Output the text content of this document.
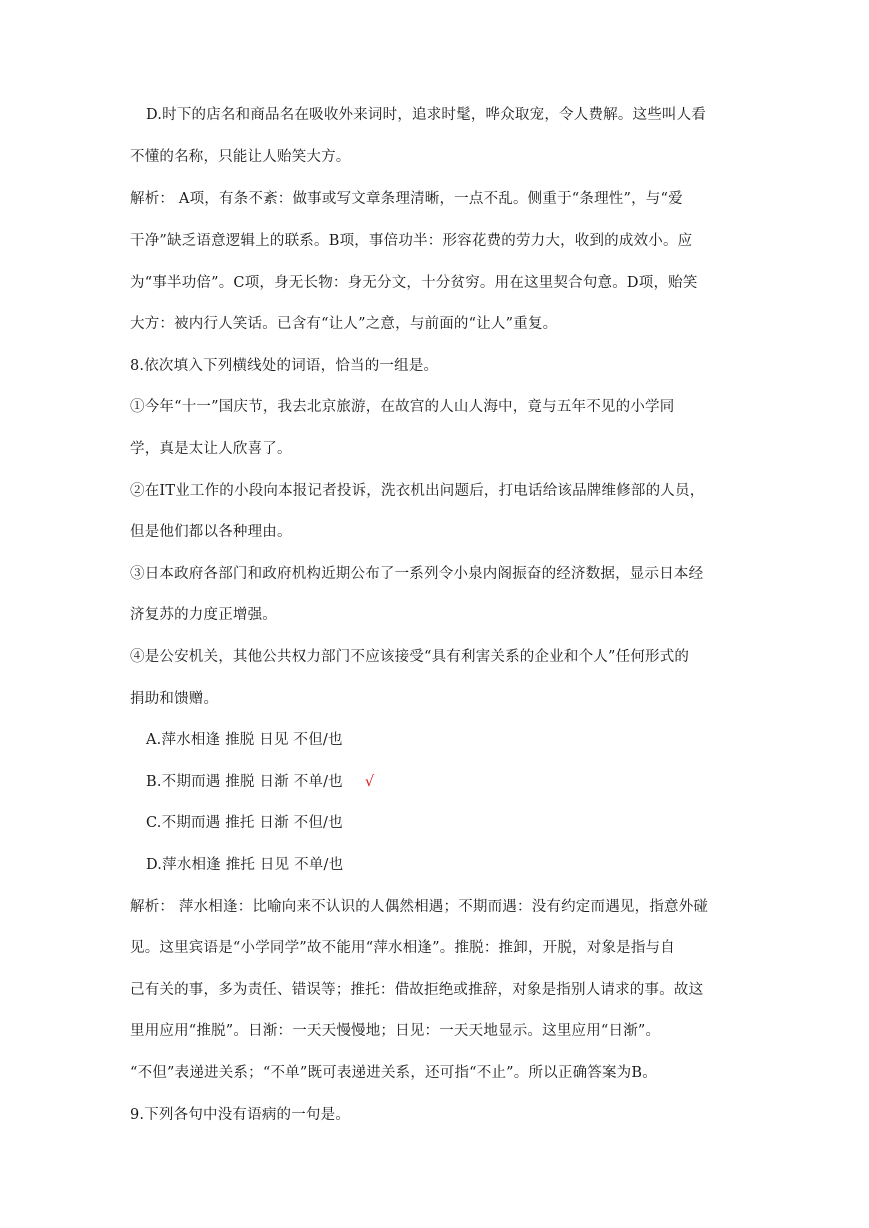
D.时下的店名和商品名在吸收外来词时，追求时髦，哗众取宠，令人费解。这些叫人看
不懂的名称，只能让人贻笑大方。
解析： A项，有条不紊：做事或写文章条理清晰，一点不乱。侧重于“条理性”，与“爱
干净”缺乏语意逻辑上的联系。B项，事倍功半：形容花费的劳力大，收到的成效小。应
为“事半功倍”。C项，身无长物：身无分文，十分贫穷。用在这里契合句意。D项，贻笑
大方：被内行人笑话。已含有“让人”之意，与前面的“让人”重复。
8.依次填入下列横线处的词语，恰当的一组是。
①今年“十一”国庆节，我去北京旅游，在故宫的人山人海中，竟与五年不见的小学同
学，真是太让人欣喜了。
②在IT业工作的小段向本报记者投诉，洗衣机出问题后，打电话给该品牌维修部的人员，
但是他们都以各种理由。
③日本政府各部门和政府机构近期公布了一系列令小泉内阁振奋的经济数据，显示日本经
济复苏的力度正增强。
④是公安机关，其他公共权力部门不应该接受“具有利害关系的企业和个人”任何形式的
捐助和馈赠。
A.萍水相逢 推脱 日见 不但/也
B.不期而遇 推脱 日渐 不单/也 √
C.不期而遇 推托 日渐 不但/也
D.萍水相逢 推托 日见 不单/也
解析： 萍水相逢：比喻向来不认识的人偶然相遇；不期而遇：没有约定而遇见，指意外碰
见。这里宾语是“小学同学”故不能用“萍水相逢”。推脱：推卸，开脱，对象是指与自
己有关的事，多为责任、错误等；推托：借故拒绝或推辞，对象是指别人请求的事。故这
里用应用“推脱”。日渐：一天天慢慢地；日见：一天天地显示。这里应用“日渐”。
“不但”表递进关系；“不单”既可表递进关系，还可指“不止”。所以正确答案为B。
9.下列各句中没有语病的一句是。
